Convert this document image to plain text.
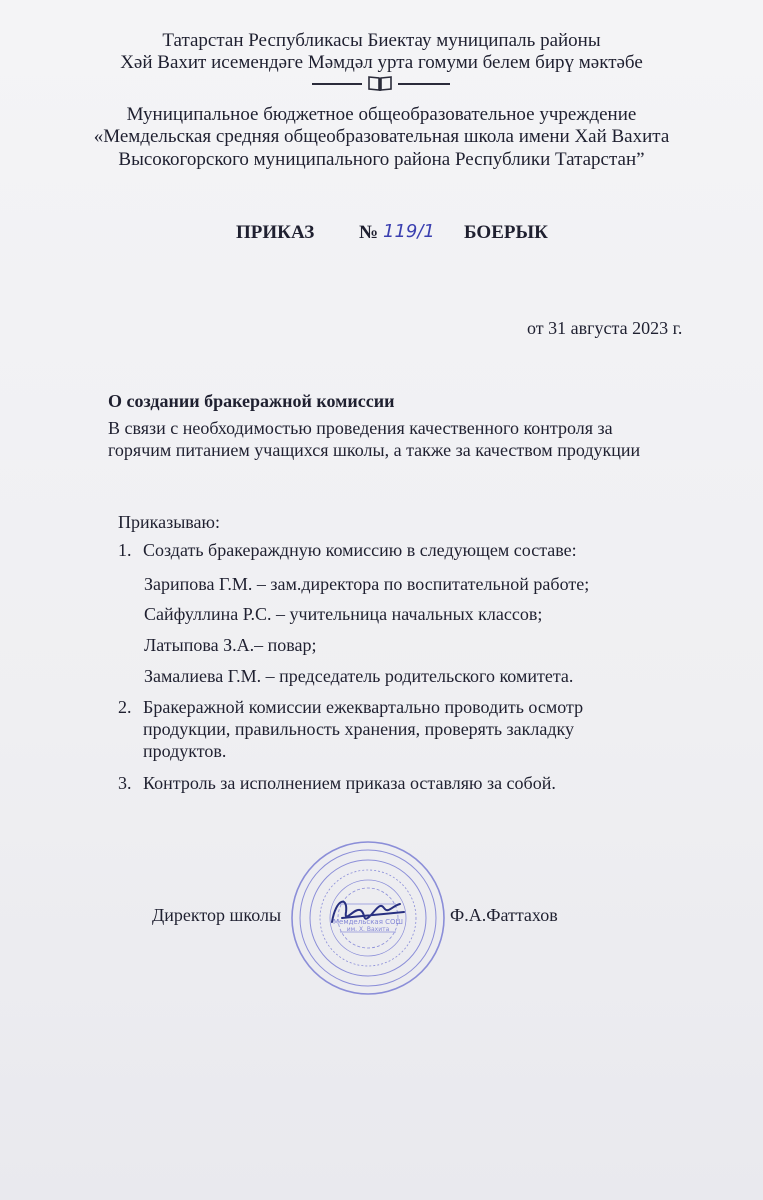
Татарстан Республикасы Биектау муниципаль районы
Хәй Вахит исемендәге Мәмдәл урта гомуми белем бирү мәктәбе
Муниципальное бюджетное общеобразовательное учреждение
«Мемдельская средняя общеобразовательная школа имени Хай Вахита
Высокогорского муниципального района Республики Татарстан”
ПРИКАЗ № 119/1 БОЕРЫК
от 31 августа 2023 г.
О создании бракеражной комиссии
В связи с необходимостью проведения качественного контроля за
горячим питанием учащихся школы, а также за качеством продукции
Приказываю:
1. Создать бракераждную комиссию в следующем составе:
Зарипова Г.М. – зам.директора по воспитательной работе;
Сайфуллина Р.С. – учительница начальных классов;
Латыпова З.А.– повар;
Замалиева Г.М. – председатель родительского комитета.
2. Бракеражной комиссии ежеквартально проводить осмотр
продукции, правильность хранения, проверять закладку
продуктов.
3. Контроль за исполнением приказа оставляю за собой.
Мемдельская СОШ
им. Х. Вахита
Директор школы	Ф.А.Фаттахов
